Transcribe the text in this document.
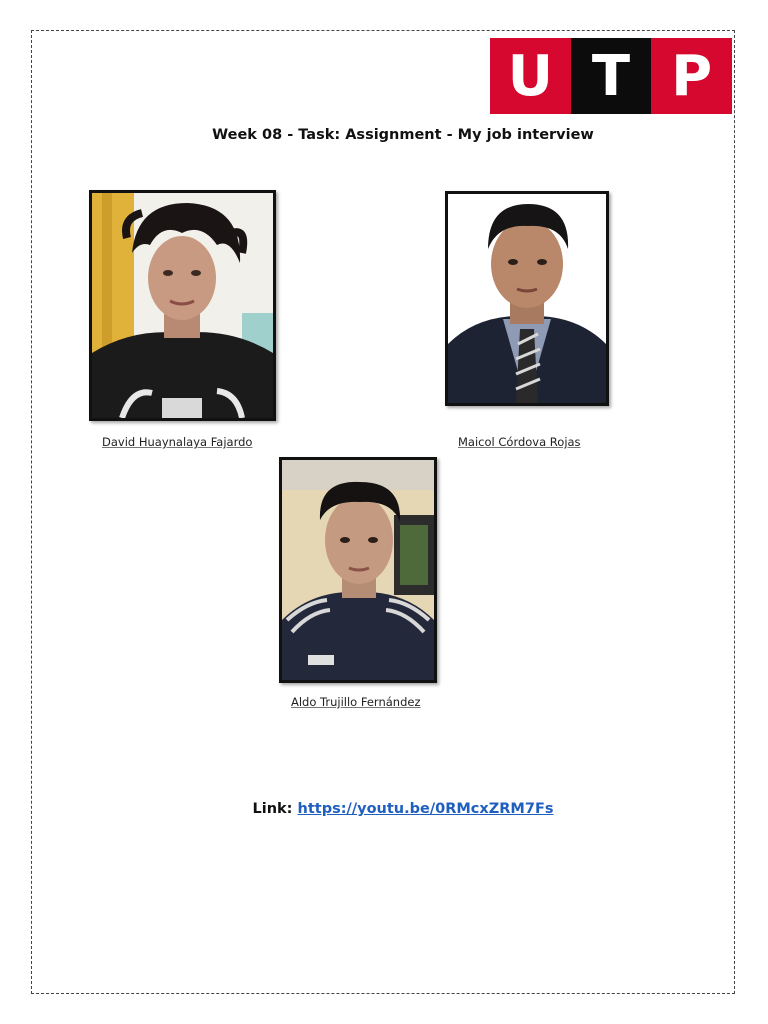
U T P
Week 08 - Task: Assignment - My job interview
David Huaynalaya Fajardo	Maicol Córdova Rojas
Aldo Trujillo Fernández
Link: https://youtu.be/0RMcxZRM7Fs
